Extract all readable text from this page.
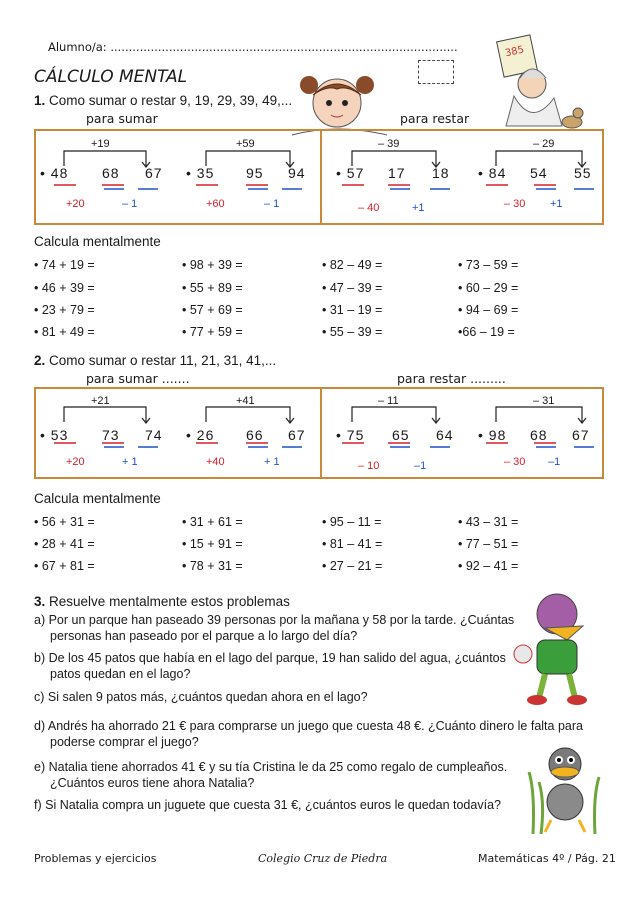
Alumno/a: ...............................................................................................
CÁLCULO MENTAL
385
1. Como sumar o restar 9, 19, 29, 39, 49,...
para sumar	para restar
+19
• 48 68 67
+20	– 1
+59
• 35 95 94
+60	– 1
– 39
• 57 17 18
– 40	+1
– 29
• 84 54 55
– 30 +1
Calcula mentalmente
• 74 + 19 =	• 98 + 39 =	• 82 – 49 =	• 73 – 59 =
• 46 + 39 =	• 55 + 89 =	• 47 – 39 =	• 60 – 29 =
• 23 + 79 =	• 57 + 69 =	• 31 – 19 =	• 94 – 69 =
• 81 + 49 =	• 77 + 59 =	• 55 – 39 =	•66 – 19 =
2. Como sumar o restar 11, 21, 31, 41,...
para sumar .......	para restar .........
+21
• 53 73 74
+20	+ 1
+41
• 26 66 67
+40	+ 1
– 11
• 75 65 64
– 10	–1
– 31
• 98 68 67
– 30 –1
Calcula mentalmente
• 56 + 31 =	• 31 + 61 =	• 95 – 11 =	• 43 – 31 =
• 28 + 41 =	• 15 + 91 =	• 81 – 41 =	• 77 – 51 =
• 67 + 81 =	• 78 + 31 =	• 27 – 21 =	• 92 – 41 =
3. Resuelve mentalmente estos problemas
a) Por un parque han paseado 39 personas por la mañana y 58 por la tarde. ¿Cuántas
personas han paseado por el parque a lo largo del día?
b) De los 45 patos que había en el lago del parque, 19 han salido del agua, ¿cuántos
patos quedan en el lago?
c) Si salen 9 patos más, ¿cuántos quedan ahora en el lago?
d) Andrés ha ahorrado 21 € para comprarse un juego que cuesta 48 €. ¿Cuánto dinero le falta para
poderse comprar el juego?
e) Natalia tiene ahorrados 41 € y su tía Cristina le da 25 como regalo de cumpleaños.
¿Cuántos euros tiene ahora Natalia?
f) Si Natalia compra un juguete que cuesta 31 €, ¿cuántos euros le quedan todavía?
Problemas y ejercicios	Colegio Cruz de Piedra	Matemáticas 4º / Pág. 21
